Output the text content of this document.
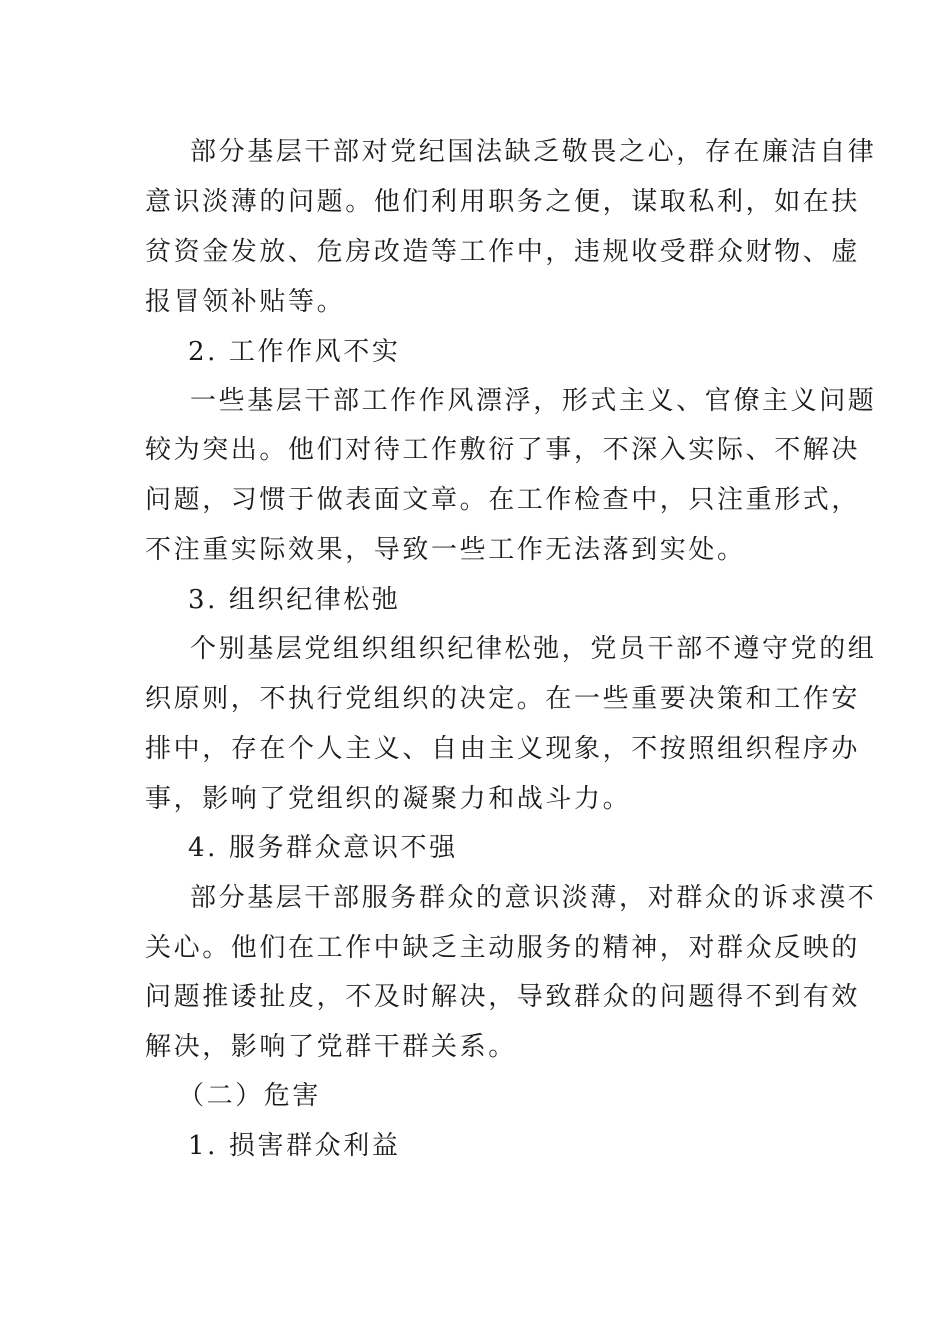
部分基层干部对党纪国法缺乏敬畏之心，存在廉洁自律
意识淡薄的问题。他们利用职务之便，谋取私利，如在扶
贫资金发放、危房改造等工作中，违规收受群众财物、虚
报冒领补贴等。
2. 工作作风不实
一些基层干部工作作风漂浮，形式主义、官僚主义问题
较为突出。他们对待工作敷衍了事，不深入实际、不解决
问题，习惯于做表面文章。在工作检查中，只注重形式，
不注重实际效果，导致一些工作无法落到实处。
3. 组织纪律松弛
个别基层党组织组织纪律松弛，党员干部不遵守党的组
织原则，不执行党组织的决定。在一些重要决策和工作安
排中，存在个人主义、自由主义现象，不按照组织程序办
事，影响了党组织的凝聚力和战斗力。
4. 服务群众意识不强
部分基层干部服务群众的意识淡薄，对群众的诉求漠不
关心。他们在工作中缺乏主动服务的精神，对群众反映的
问题推诿扯皮，不及时解决，导致群众的问题得不到有效
解决，影响了党群干群关系。
（二）危害
1. 损害群众利益
